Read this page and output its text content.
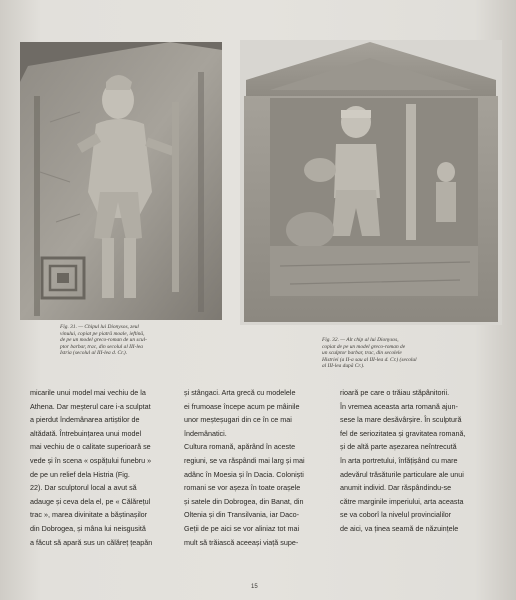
Fig. 31. — Chipul lui Dionysos, zeul
vinului, copiat pe piatră moale, ieftină,
de pe un model greco-roman de un scul-
ptor barbar, trac, din secolul al III-lea
Istria (secolul al III-lea d. Cr.).
Fig. 32. — Alt chip al lui Dionysos,
copiat de pe un model greco-roman de
un sculptor barbar, trac, din secolele
Histriei (a II-a sau al III-lea d. Cr.) (secolul
al III-lea după Cr.).
micarile unui model mai vechiu de la
Athena. Dar meșterul care i-a sculptat
a pierdut îndemânarea artiștilor de
altădată. Întrebuințarea unui model
mai vechiu de o calitate superioară se
vede și în scena « ospățului funebru »
de pe un relief dela Histria (Fig.
22). Dar sculptorul local a avut să
adauge și ceva dela el, pe « Călărețul
trac », marea divinitate a băștinașilor
din Dobrogea, și mâna lui neisgusită
a făcut să apară sus un călăreț țeapăn
și stângaci. Arta grecă cu modelele
ei frumoase începe acum pe mâinile
unor meșteșugari din ce în ce mai
îndemânatici.
Cultura romană, apărând în aceste
regiuni, se va răspândi mai larg și mai
adânc în Moesia și în Dacia. Coloniști
romani se vor așeza în toate orașele
și satele din Dobrogea, din Banat, din
Oltenia și din Transilvania, iar Daco-
Geții de pe aici se vor aliniaz tot mai
mult să trăiască aceeași viață supe-
rioară pe care o trăiau stăpânitorii.
În vremea aceasta arta romană ajun-
sese la mare desăvârșire. În sculptură
fel de seriozitatea și gravitatea romană,
și de altă parte așezarea neîntrecută
în arta portretului, înfățișând cu mare
adevărul trăsăturile particulare ale unui
anumit individ. Dar răspândindu-se
către marginile imperiului, arta aceasta
se va coborî la nivelul provincialilor
de aici, va ținea seamă de năzuințele
15
